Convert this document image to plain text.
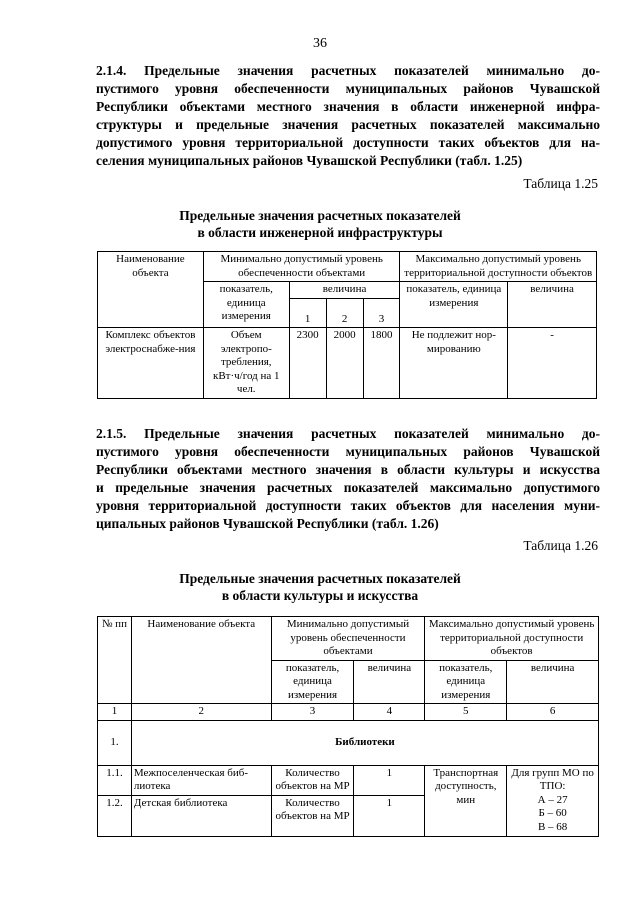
36
2.1.4. Предельные значения расчетных показателей минимально до-
пустимого уровня обеспеченности муниципальных районов Чувашской
Республики объектами местного значения в области инженерной инфра-
структуры и предельные значения расчетных показателей максимально
допустимого уровня территориальной доступности таких объектов для на-
селения муниципальных районов Чувашской Республики (табл. 1.25)
Таблица 1.25
Предельные значения расчетных показателей
в области инженерной инфраструктуры
Наименование объекта	Минимально допустимый уровень обеспеченности объектами				Максимально допустимый уровень территориальной доступности объектов	
	показатель, единица измерения	величина			показатель, единица измерения	величина
		1	2	3		
Комплекс объектов электроснабже-ния	Объем электропо-требления, кВт·ч/год на 1 чел.	2300	2000	1800	Не подлежит нор-мированию	-
2.1.5. Предельные значения расчетных показателей минимально до-
пустимого уровня обеспеченности муниципальных районов Чувашской
Республики объектами местного значения в области культуры и искусства
и предельные значения расчетных показателей максимально допустимого
уровня территориальной доступности таких объектов для населения муни-
ципальных районов Чувашской Республики (табл. 1.26)
Таблица 1.26
Предельные значения расчетных показателей
в области культуры и искусства
№ пп	Наименование объекта	Минимально допустимый уровень обеспеченности объектами		Максимально допустимый уровень территориальной доступности объектов	
		показатель, единица измерения	величина	показатель, единица измерения	величина
1	2	3	4	5	6
1.	Библиотеки				
1.1.	Межпоселенческая биб-лиотека	Количество объектов на МР	1	Транспортная доступность, мин	Для групп МО по ТПО:
А – 27
Б – 60
В – 68

1.2.	Детская библиотека	Количество объектов на МР	1		
